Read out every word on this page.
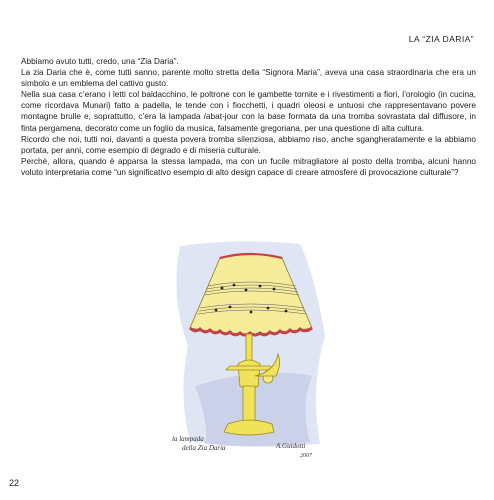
LA “ZIA DARIA”

Abbiamo avuto tutti, credo, una “Zia Daria”.

La zia Daria che è, come tutti sanno, parente molto stretta della “Signora Maria”, aveva una casa straordinaria che era un simbolo e un emblema del cattivo gusto.

Nella sua casa c’erano i letti col baldacchino, le poltrone con le gambette tornite e i rivestimenti a fiori, l’orologio (in cucina, come ricordava Munari) fatto a padella, le tende con i fiocchetti, i quadri oleosi e untuosi che rappresentavano povere montagne brulle e, soprattutto, c’era la lampada /abat-jour con la base formata da una tromba sovrastata dal diffusore, in finta pergamena, decorato come un foglio da musica, falsamente gregoriana, per una questione di alta cultura.

Ricordo che noi, tutti noi, davanti a questa povera tromba silenziosa, abbiamo riso, anche sgangheratamente e la abbiamo portata, per anni, come esempio di degrado e di miseria culturale.

Perché, allora, quando è apparsa la stessa lampada, ma con un fucile mitragliatore al posto della tromba, alcuni hanno voluto interpretaria come “un significativo esempio di alto design capace di creare atmosfere di provocazione culturale”?

la lampada
della Zia Daria	A.Guidotti
2007
22
